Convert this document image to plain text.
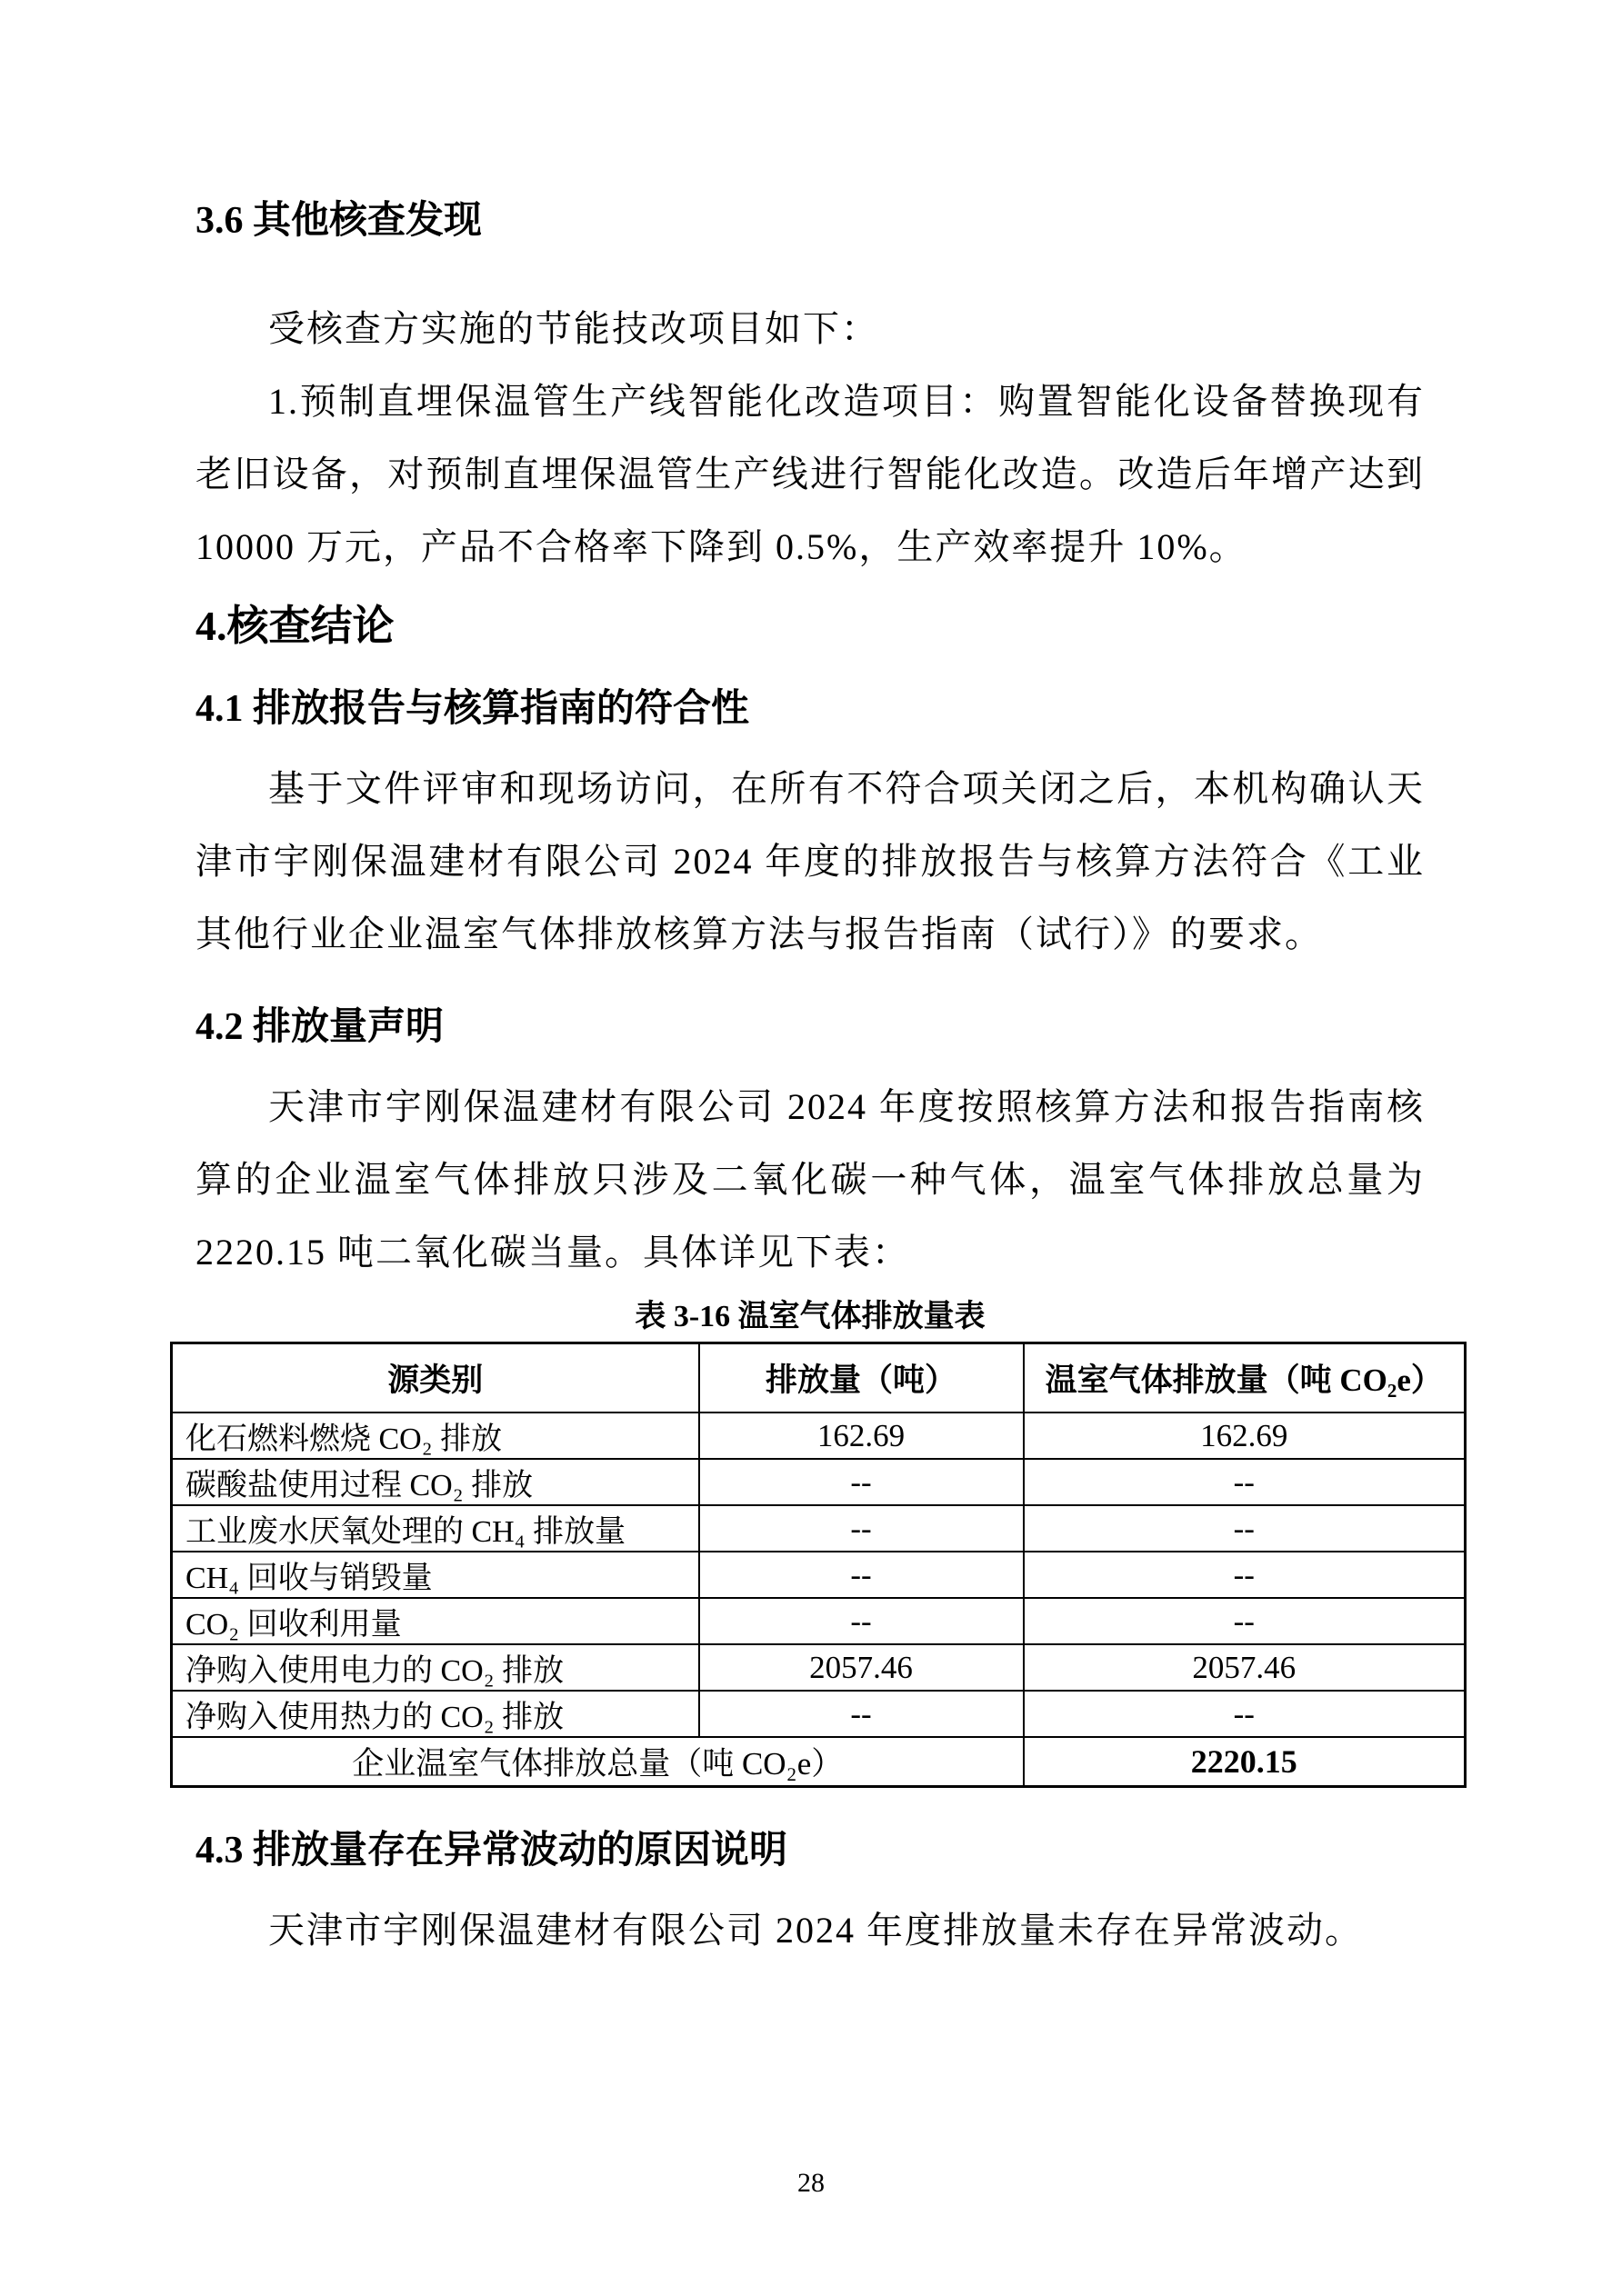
3.6 其他核查发现

受核查方实施的节能技改项目如下：

1.预制直埋保温管生产线智能化改造项目：购置智能化设备替换现有老旧设备，对预制直埋保温管生产线进行智能化改造。改造后年增产达到 10000 万元，产品不合格率下降到 0.5%，生产效率提升 10%。

4.核查结论
4.1 排放报告与核算指南的符合性

基于文件评审和现场访问，在所有不符合项关闭之后，本机构确认天津市宇刚保温建材有限公司 2024 年度的排放报告与核算方法符合《工业其他行业企业温室气体排放核算方法与报告指南（试行）》的要求。

4.2 排放量声明

天津市宇刚保温建材有限公司 2024 年度按照核算方法和报告指南核算的企业温室气体排放只涉及二氧化碳一种气体，温室气体排放总量为 2220.15 吨二氧化碳当量。具体详见下表：

表 3-16 温室气体排放量表
源类别	排放量（吨）	温室气体排放量（吨 CO₂e）
化石燃料燃烧 CO₂ 排放	162.69	162.69
碳酸盐使用过程 CO₂ 排放	--	--
工业废水厌氧处理的 CH₄ 排放量	--	--
CH₄ 回收与销毁量	--	--
CO₂ 回收利用量	--	--
净购入使用电力的 CO₂ 排放	2057.46	2057.46
净购入使用热力的 CO₂ 排放	--	--
企业温室气体排放总量（吨 CO₂e）		2220.15
4.3 排放量存在异常波动的原因说明

天津市宇刚保温建材有限公司 2024 年度排放量未存在异常波动。

28
